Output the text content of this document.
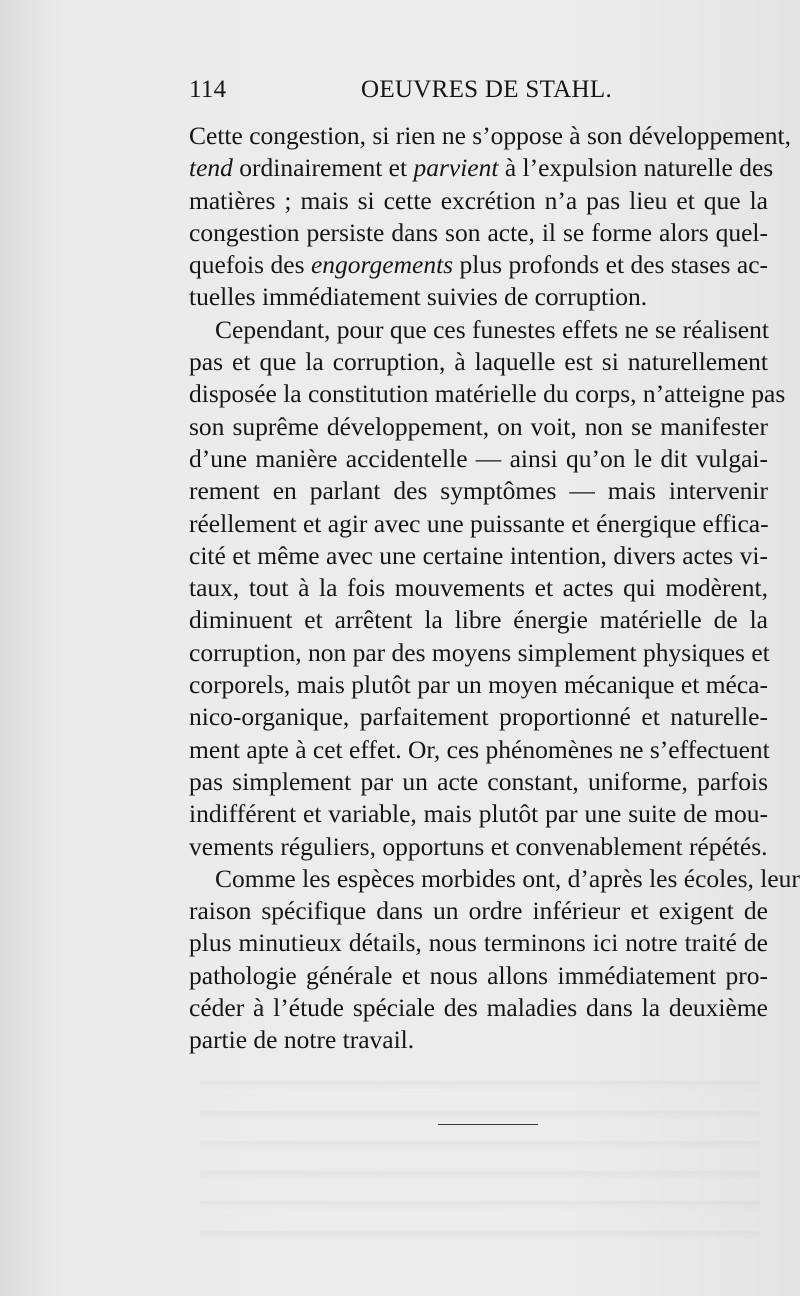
114	OEUVRES DE STAHL.
Cette congestion, si rien ne s’oppose à son développement,
tend ordinairement et parvient à l’expulsion naturelle des
matières ; mais si cette excrétion n’a pas lieu et que la
congestion persiste dans son acte, il se forme alors quel-
quefois des engorgements plus profonds et des stases ac-
tuelles immédiatement suivies de corruption.
Cependant, pour que ces funestes effets ne se réalisent
pas et que la corruption, à laquelle est si naturellement
disposée la constitution matérielle du corps, n’atteigne pas
son suprême développement, on voit, non se manifester
d’une manière accidentelle — ainsi qu’on le dit vulgai-
rement en parlant des symptômes — mais intervenir
réellement et agir avec une puissante et énergique effica-
cité et même avec une certaine intention, divers actes vi-
taux, tout à la fois mouvements et actes qui modèrent,
diminuent et arrêtent la libre énergie matérielle de la
corruption, non par des moyens simplement physiques et
corporels, mais plutôt par un moyen mécanique et méca-
nico-organique, parfaitement proportionné et naturelle-
ment apte à cet effet. Or, ces phénomènes ne s’effectuent
pas simplement par un acte constant, uniforme, parfois
indifférent et variable, mais plutôt par une suite de mou-
vements réguliers, opportuns et convenablement répétés.
Comme les espèces morbides ont, d’après les écoles, leur
raison spécifique dans un ordre inférieur et exigent de
plus minutieux détails, nous terminons ici notre traité de
pathologie générale et nous allons immédiatement pro-
céder à l’étude spéciale des maladies dans la deuxième
partie de notre travail.
